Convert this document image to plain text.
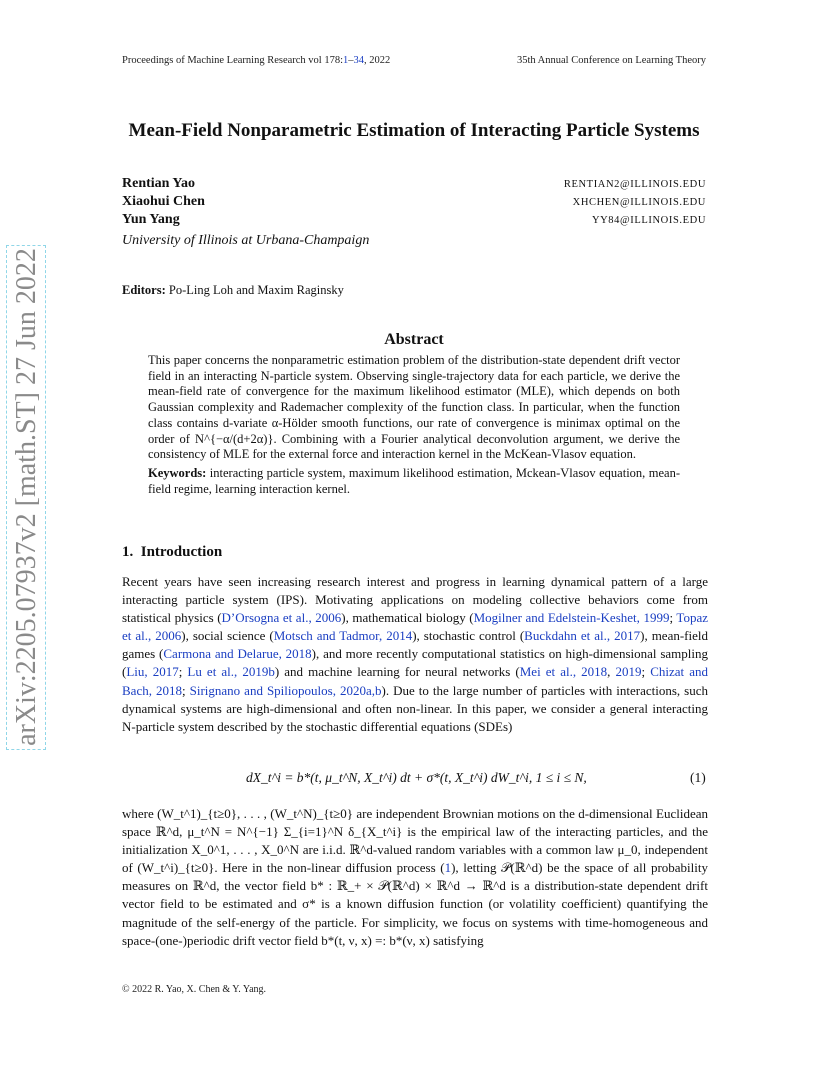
Proceedings of Machine Learning Research vol 178:1–34, 2022	35th Annual Conference on Learning Theory
Mean-Field Nonparametric Estimation of Interacting Particle Systems
Rentian Yao	RENTIAN2@ILLINOIS.EDU
Xiaohui Chen	XHCHEN@ILLINOIS.EDU
Yun Yang	YY84@ILLINOIS.EDU
University of Illinois at Urbana-Champaign
Editors: Po-Ling Loh and Maxim Raginsky
Abstract

This paper concerns the nonparametric estimation problem of the distribution-state dependent drift vector field in an interacting N-particle system. Observing single-trajectory data for each particle, we derive the mean-field rate of convergence for the maximum likelihood estimator (MLE), which depends on both Gaussian complexity and Rademacher complexity of the function class. In particular, when the function class contains d-variate α-Hölder smooth functions, our rate of convergence is minimax optimal on the order of N^{−α/(d+2α)}. Combining with a Fourier analytical deconvolution argument, we derive the consistency of MLE for the external force and interaction kernel in the McKean-Vlasov equation.

Keywords: interacting particle system, maximum likelihood estimation, Mckean-Vlasov equation, mean-field regime, learning interaction kernel.

1. Introduction

Recent years have seen increasing research interest and progress in learning dynamical pattern of a large interacting particle system (IPS). Motivating applications on modeling collective behaviors come from statistical physics (D’Orsogna et al., 2006), mathematical biology (Mogilner and Edelstein-Keshet, 1999; Topaz et al., 2006), social science (Motsch and Tadmor, 2014), stochastic control (Buckdahn et al., 2017), mean-field games (Carmona and Delarue, 2018), and more recently computational statistics on high-dimensional sampling (Liu, 2017; Lu et al., 2019b) and machine learning for neural networks (Mei et al., 2018, 2019; Chizat and Bach, 2018; Sirignano and Spiliopoulos, 2020a,b). Due to the large number of particles with interactions, such dynamical systems are high-dimensional and often non-linear. In this paper, we consider a general interacting N-particle system described by the stochastic differential equations (SDEs)

dX_t^i = b*(t, μ_t^N, X_t^i) dt + σ*(t, X_t^i) dW_t^i, 1 ≤ i ≤ N,	(1)

where (W_t^1)_{t≥0}, . . . , (W_t^N)_{t≥0} are independent Brownian motions on the d-dimensional Euclidean space ℝ^d, μ_t^N = N^{−1} Σ_{i=1}^N δ_{X_t^i} is the empirical law of the interacting particles, and the initialization X_0^1, . . . , X_0^N are i.i.d. ℝ^d-valued random variables with a common law μ_0, independent of (W_t^i)_{t≥0}. Here in the non-linear diffusion process (1), letting 𝒫(ℝ^d) be the space of all probability measures on ℝ^d, the vector field b* : ℝ_+ × 𝒫(ℝ^d) × ℝ^d → ℝ^d is a distribution-state dependent drift vector field to be estimated and σ* is a known diffusion function (or volatility coefficient) quantifying the magnitude of the self-energy of the particle. For simplicity, we focus on systems with time-homogeneous and space-(one-)periodic drift vector field b*(t, ν, x) =: b*(ν, x) satisfying

© 2022 R. Yao, X. Chen & Y. Yang.
arXiv:2205.07937v2 [math.ST] 27 Jun 2022
